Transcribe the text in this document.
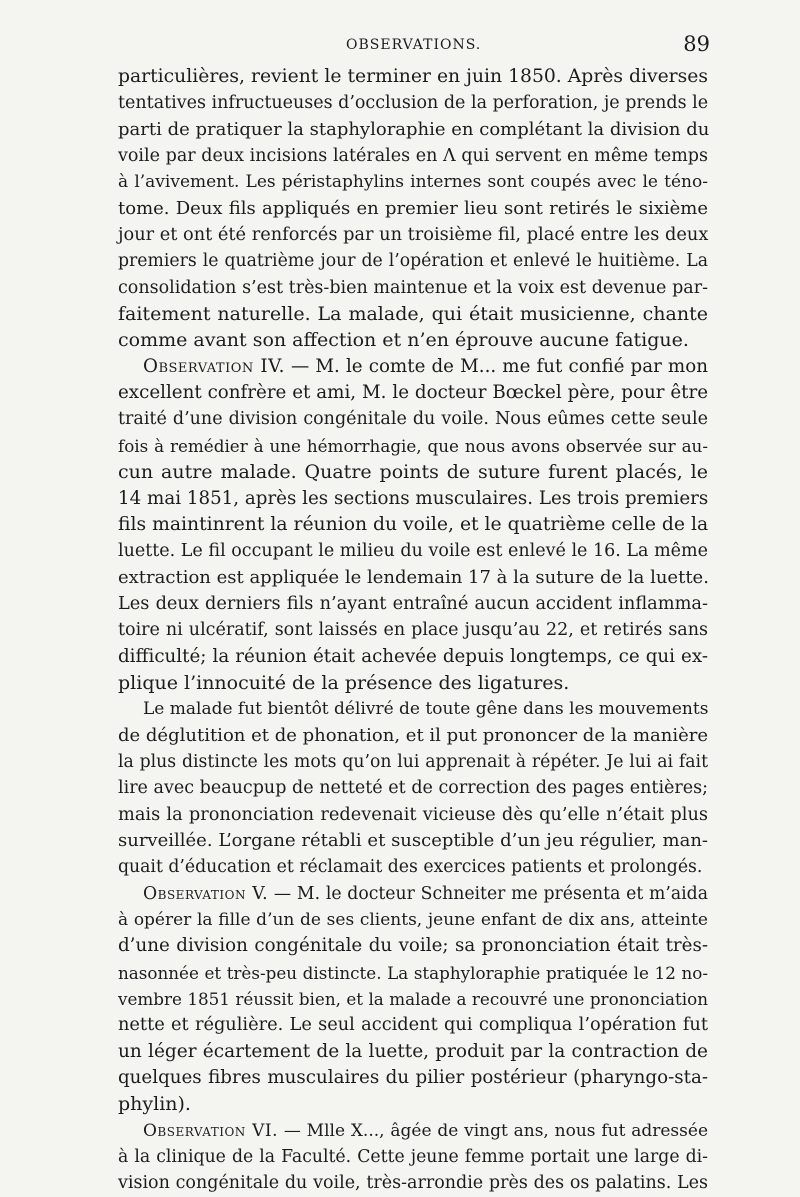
OBSERVATIONS.	89
particulières, revient le terminer en juin 1850. Après diverses
tentatives infructueuses d’occlusion de la perforation, je prends le
parti de pratiquer la staphyloraphie en complétant la division du
voile par deux incisions latérales en Λ qui servent en même temps
à l’avivement. Les péristaphylins internes sont coupés avec le téno-
tome. Deux fils appliqués en premier lieu sont retirés le sixième
jour et ont été renforcés par un troisième fil, placé entre les deux
premiers le quatrième jour de l’opération et enlevé le huitième. La
consolidation s’est très-bien maintenue et la voix est devenue par-
faitement naturelle. La malade, qui était musicienne, chante
comme avant son affection et n’en éprouve aucune fatigue.
Observation IV. — M. le comte de M... me fut confié par mon
excellent confrère et ami, M. le docteur Bœckel père, pour être
traité d’une division congénitale du voile. Nous eûmes cette seule
fois à remédier à une hémorrhagie, que nous avons observée sur au-
cun autre malade. Quatre points de suture furent placés, le
14 mai 1851, après les sections musculaires. Les trois premiers
fils maintinrent la réunion du voile, et le quatrième celle de la
luette. Le fil occupant le milieu du voile est enlevé le 16. La même
extraction est appliquée le lendemain 17 à la suture de la luette.
Les deux derniers fils n’ayant entraîné aucun accident inflamma-
toire ni ulcératif, sont laissés en place jusqu’au 22, et retirés sans
difficulté; la réunion était achevée depuis longtemps, ce qui ex-
plique l’innocuité de la présence des ligatures.
Le malade fut bientôt délivré de toute gêne dans les mouvements
de déglutition et de phonation, et il put prononcer de la manière
la plus distincte les mots qu’on lui apprenait à répéter. Je lui ai fait
lire avec beaucpup de netteté et de correction des pages entières;
mais la prononciation redevenait vicieuse dès qu’elle n’était plus
surveillée. L’organe rétabli et susceptible d’un jeu régulier, man-
quait d’éducation et réclamait des exercices patients et prolongés.
Observation V. — M. le docteur Schneiter me présenta et m’aida
à opérer la fille d’un de ses clients, jeune enfant de dix ans, atteinte
d’une division congénitale du voile; sa prononciation était très-
nasonnée et très-peu distincte. La staphyloraphie pratiquée le 12 no-
vembre 1851 réussit bien, et la malade a recouvré une prononciation
nette et régulière. Le seul accident qui compliqua l’opération fut
un léger écartement de la luette, produit par la contraction de
quelques fibres musculaires du pilier postérieur (pharyngo-sta-
phylin).
Observation VI. — Mlle X..., âgée de vingt ans, nous fut adressée
à la clinique de la Faculté. Cette jeune femme portait une large di-
vision congénitale du voile, très-arrondie près des os palatins. Les
